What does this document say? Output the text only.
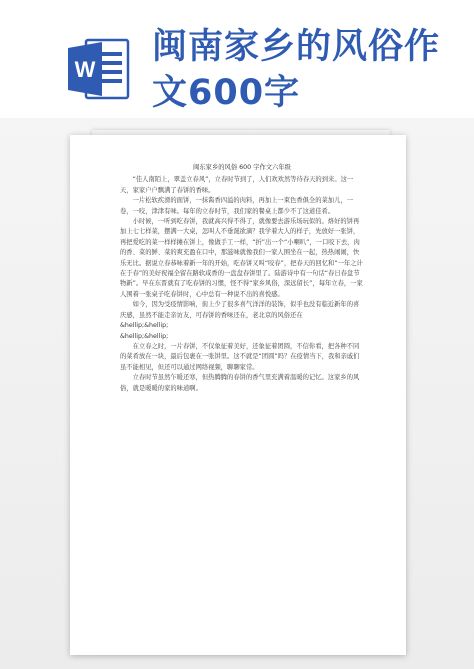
W
闽南家乡的风俗作
文600字
闽东家乡的风俗 600 字作文六年级

“佳人南陌上，翠盖立春风”，立春时节到了，人们欢欢然等待春天的到来。这一天，家家户户飘满了春饼的香味。

一片松软疾滑的面饼，一抹酱香四溢的肉料，再加上一束色香俱全的菜加儿，一卷，一咬，津津有味。每年的立春时节，我们家的餐桌上都少不了这道佳肴。

小时候，一听到吃春饼，我就高兴得不得了，就像要去游乐场玩似的。烙好的饼再加上七七样菜，摆满一大桌，怎叫人不垂涎欲滴？我学着大人的样子，先放好一张饼，再把爱吃的菜一样样摊在饼上，像做手工一样，“折”出一个“小喇叭”，一口咬下去，肉的香、菜的鲜、菜的爽充盈在口中，那滋味就像我们一家人围坐在一起，热热闹闹，快乐无比。据说立春恭咏着新一年的开始，吃春饼又叫“咬春”，把春天的回忆和“一年之计在于春”的美好祝福全留在路软咸香的一盘盘春饼里了。陆游诗中有一句话“春日春盘节物新”。早在东晋就有了吃春饼的习惯，怪不得“家乡风俗，深远留长”，每年立春，一家人围着一张桌子吃春饼时，心中总有一种说不出的喜悦感。

如今，因为受疫情影响，街上少了很多喜气洋洋的装饰，似乎也没有临近新年的喜庆感，虽然不能走亲访友，可春饼的香味还在，老北京的风俗还在

&hellip;&hellip;

&hellip;&hellip;

在立春之时，一片春饼，不仅象征着美好，还象征着团圆，不信你看，把各种不同的菜肴放在一块，最后包裹在一张饼里。这不就是“团圆”吗？在疫情当下，我和亲戚们虽不能相见，但还可以通过网络视频，聊聊家常。

立春时节虽然乍暖还寒，但热腾腾的春饼的香气里充满着温暖的记忆。这家乡的风俗，就是暖暖的家的味道啊。
